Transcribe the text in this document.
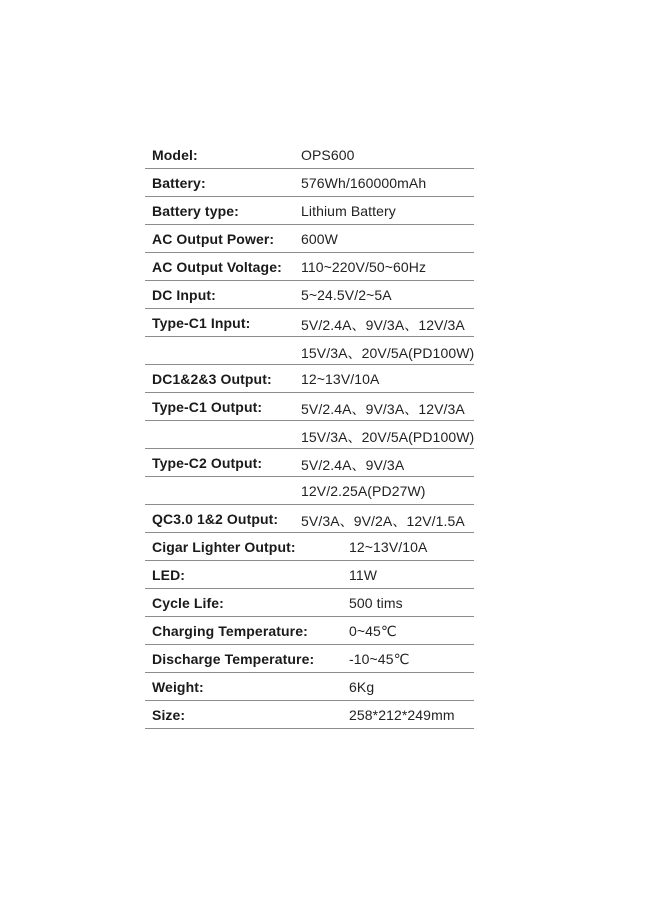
Model:	OPS600
Battery:	576Wh/160000mAh
Battery type:	Lithium Battery
AC Output Power: 600W
AC Output Voltage: 110~220V/50~60Hz
DC Input:	5~24.5V/2~5A
Type-C1 Input:	5V/2.4A、9V/3A、12V/3A
15V/3A、20V/5A(PD100W)
DC1&2&3 Output: 12~13V/10A
Type-C1 Output:	5V/2.4A、9V/3A、12V/3A
15V/3A、20V/5A(PD100W)
Type-C2 Output:	5V/2.4A、9V/3A
12V/2.25A(PD27W)
QC3.0 1&2 Output: 5V/3A、9V/2A、12V/1.5A
Cigar Lighter Output:	12~13V/10A
LED:	11W
Cycle Life:	500 tims
Charging Temperature:	0~45℃
Discharge Temperature: -10~45℃
Weight:	6Kg
Size:	258*212*249mm
